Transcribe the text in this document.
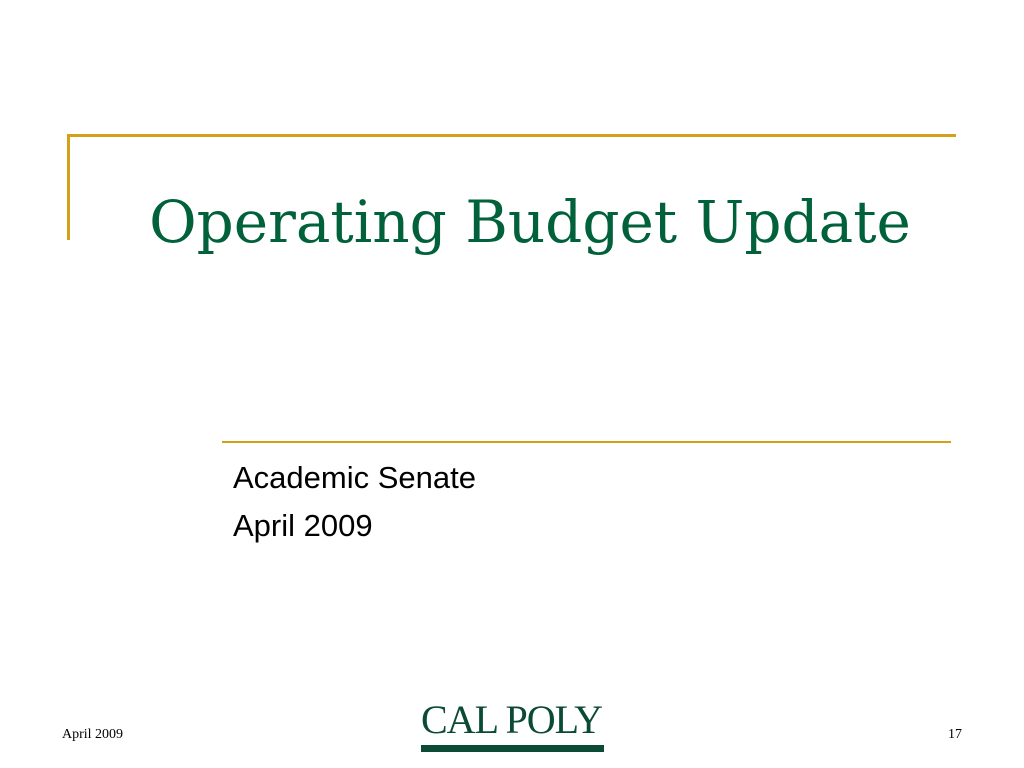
Operating Budget Update
Academic Senate
April 2009
April 2009	CAL POLY	17
